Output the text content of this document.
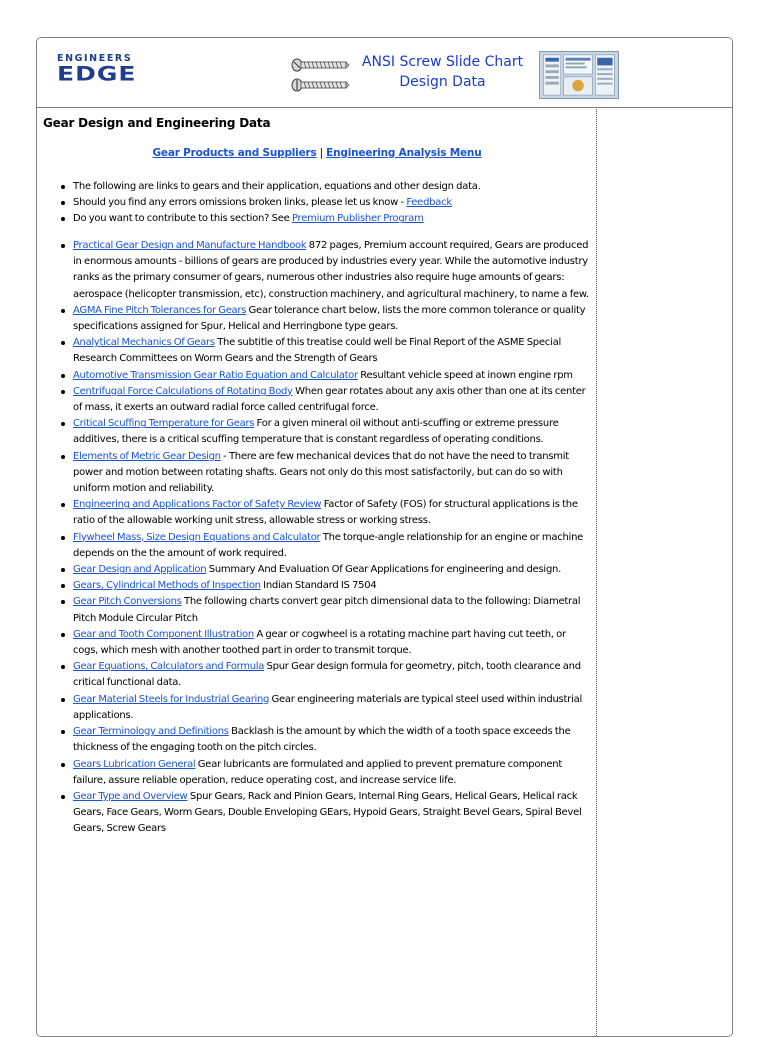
ENGINEERS
EDGE
ANSI Screw Slide Chart
Design Data
Gear Design and Engineering Data
Gear Products and Suppliers | Engineering Analysis Menu
The following are links to gears and their application, equations and other design data.
Should you find any errors omissions broken links, please let us know - Feedback
Do you want to contribute to this section? See Premium Publisher Program
Practical Gear Design and Manufacture Handbook 872 pages, Premium account required, Gears are produced in enormous amounts - billions of gears are produced by industries every year. While the automotive industry ranks as the primary consumer of gears, numerous other industries also require huge amounts of gears: aerospace (helicopter transmission, etc), construction machinery, and agricultural machinery, to name a few.
AGMA Fine Pitch Tolerances for Gears Gear tolerance chart below, lists the more common tolerance or quality specifications assigned for Spur, Helical and Herringbone type gears.
Analytical Mechanics Of Gears The subtitle of this treatise could well be Final Report of the ASME Special Research Committees on Worm Gears and the Strength of Gears
Automotive Transmission Gear Ratio Equation and Calculator Resultant vehicle speed at inown engine rpm
Centrifugal Force Calculations of Rotating Body When gear rotates about any axis other than one at its center of mass, it exerts an outward radial force called centrifugal force.
Critical Scuffing Temperature for Gears For a given mineral oil without anti-scuffing or extreme pressure additives, there is a critical scuffing temperature that is constant regardless of operating conditions.
Elements of Metric Gear Design - There are few mechanical devices that do not have the need to transmit power and motion between rotating shafts. Gears not only do this most satisfactorily, but can do so with uniform motion and reliability.
Engineering and Applications Factor of Safety Review Factor of Safety (FOS) for structural applications is the ratio of the allowable working unit stress, allowable stress or working stress.
Flywheel Mass, Size Design Equations and Calculator The torque-angle relationship for an engine or machine depends on the the amount of work required.
Gear Design and Application Summary And Evaluation Of Gear Applications for engineering and design.
Gears, Cylindrical Methods of Inspection Indian Standard IS 7504
Gear Pitch Conversions The following charts convert gear pitch dimensional data to the following: Diametral Pitch Module Circular Pitch
Gear and Tooth Component Illustration A gear or cogwheel is a rotating machine part having cut teeth, or cogs, which mesh with another toothed part in order to transmit torque.
Gear Equations, Calculators and Formula Spur Gear design formula for geometry, pitch, tooth clearance and critical functional data.
Gear Material Steels for Industrial Gearing Gear engineering materials are typical steel used within industrial applications.
Gear Terminology and Definitions Backlash is the amount by which the width of a tooth space exceeds the thickness of the engaging tooth on the pitch circles.
Gears Lubrication General Gear lubricants are formulated and applied to prevent premature component failure, assure reliable operation, reduce operating cost, and increase service life.
Gear Type and Overview Spur Gears, Rack and Pinion Gears, Internal Ring Gears, Helical Gears, Helical rack Gears, Face Gears, Worm Gears, Double Enveloping GEars, Hypoid Gears, Straight Bevel Gears, Spiral Bevel Gears, Screw Gears
